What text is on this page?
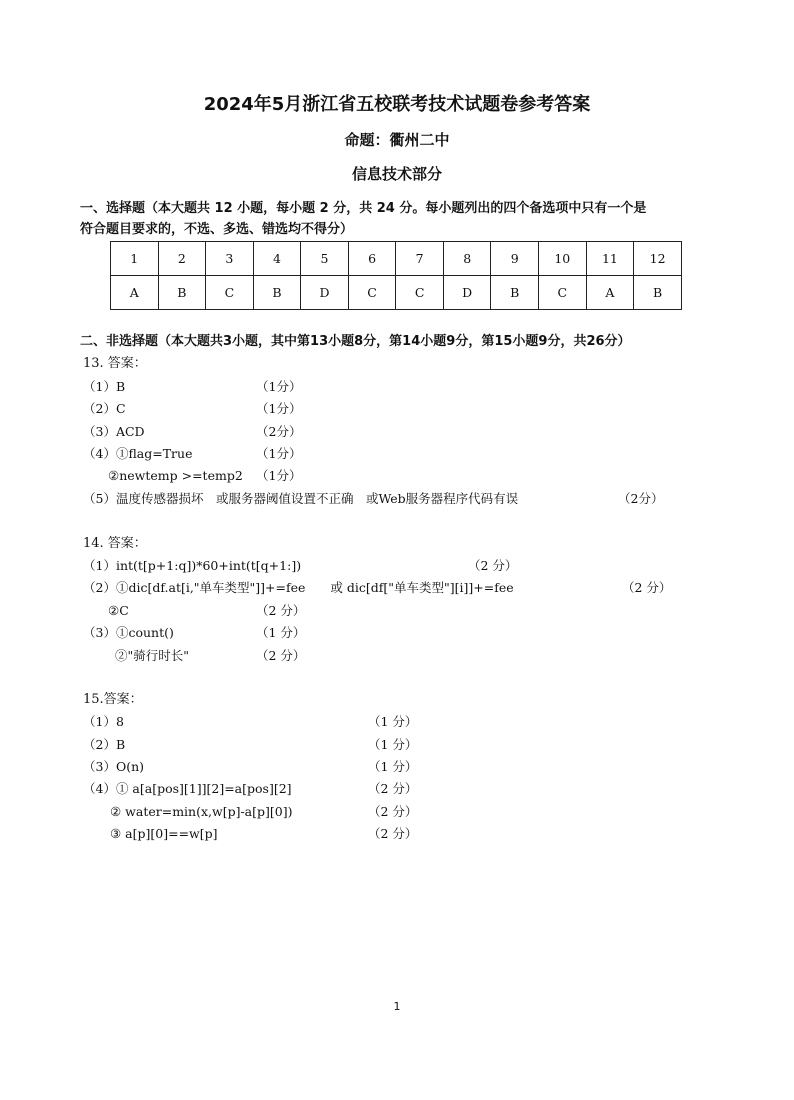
2024年5月浙江省五校联考技术试题卷参考答案
命题：衢州二中
信息技术部分
一、选择题（本大题共 12 小题，每小题 2 分，共 24 分。每小题列出的四个备选项中只有一个是
符合题目要求的，不选、多选、错选均不得分）
1	2	3	4	5	6	7	8	9	10	11	12
A	B	C	B	D	C	C	D	B	C	A	B
二、非选择题（本大题共3小题，其中第13小题8分，第14小题9分，第15小题9分，共26分）
13. 答案：
（1）B	（1分）
（2）C	（1分）
（3）ACD	（2分）
（4）①flag=True	（1分）
②newtemp >=temp2 （1分）
（5）温度传感器损坏　或服务器阈值设置不正确　或Web服务器程序代码有误	（2分）
14. 答案：
（1）int(t[p+1:q])*60+int(t[q+1:])	（2 分）
（2）①dic[df.at[i,"单车类型"]]+=fee　　或 dic[df["单车类型"][i]]+=fee	（2 分）
②C	（2 分）
（3）①count()	（1 分）
②"骑行时长"	（2 分）
15.答案：
（1）8	（1 分）
（2）B	（1 分）
（3）O(n)	（1 分）
（4）① a[a[pos][1]][2]=a[pos][2]	（2 分）
② water=min(x,w[p]-a[p][0])	（2 分）
③ a[p][0]==w[p]	（2 分）
1
